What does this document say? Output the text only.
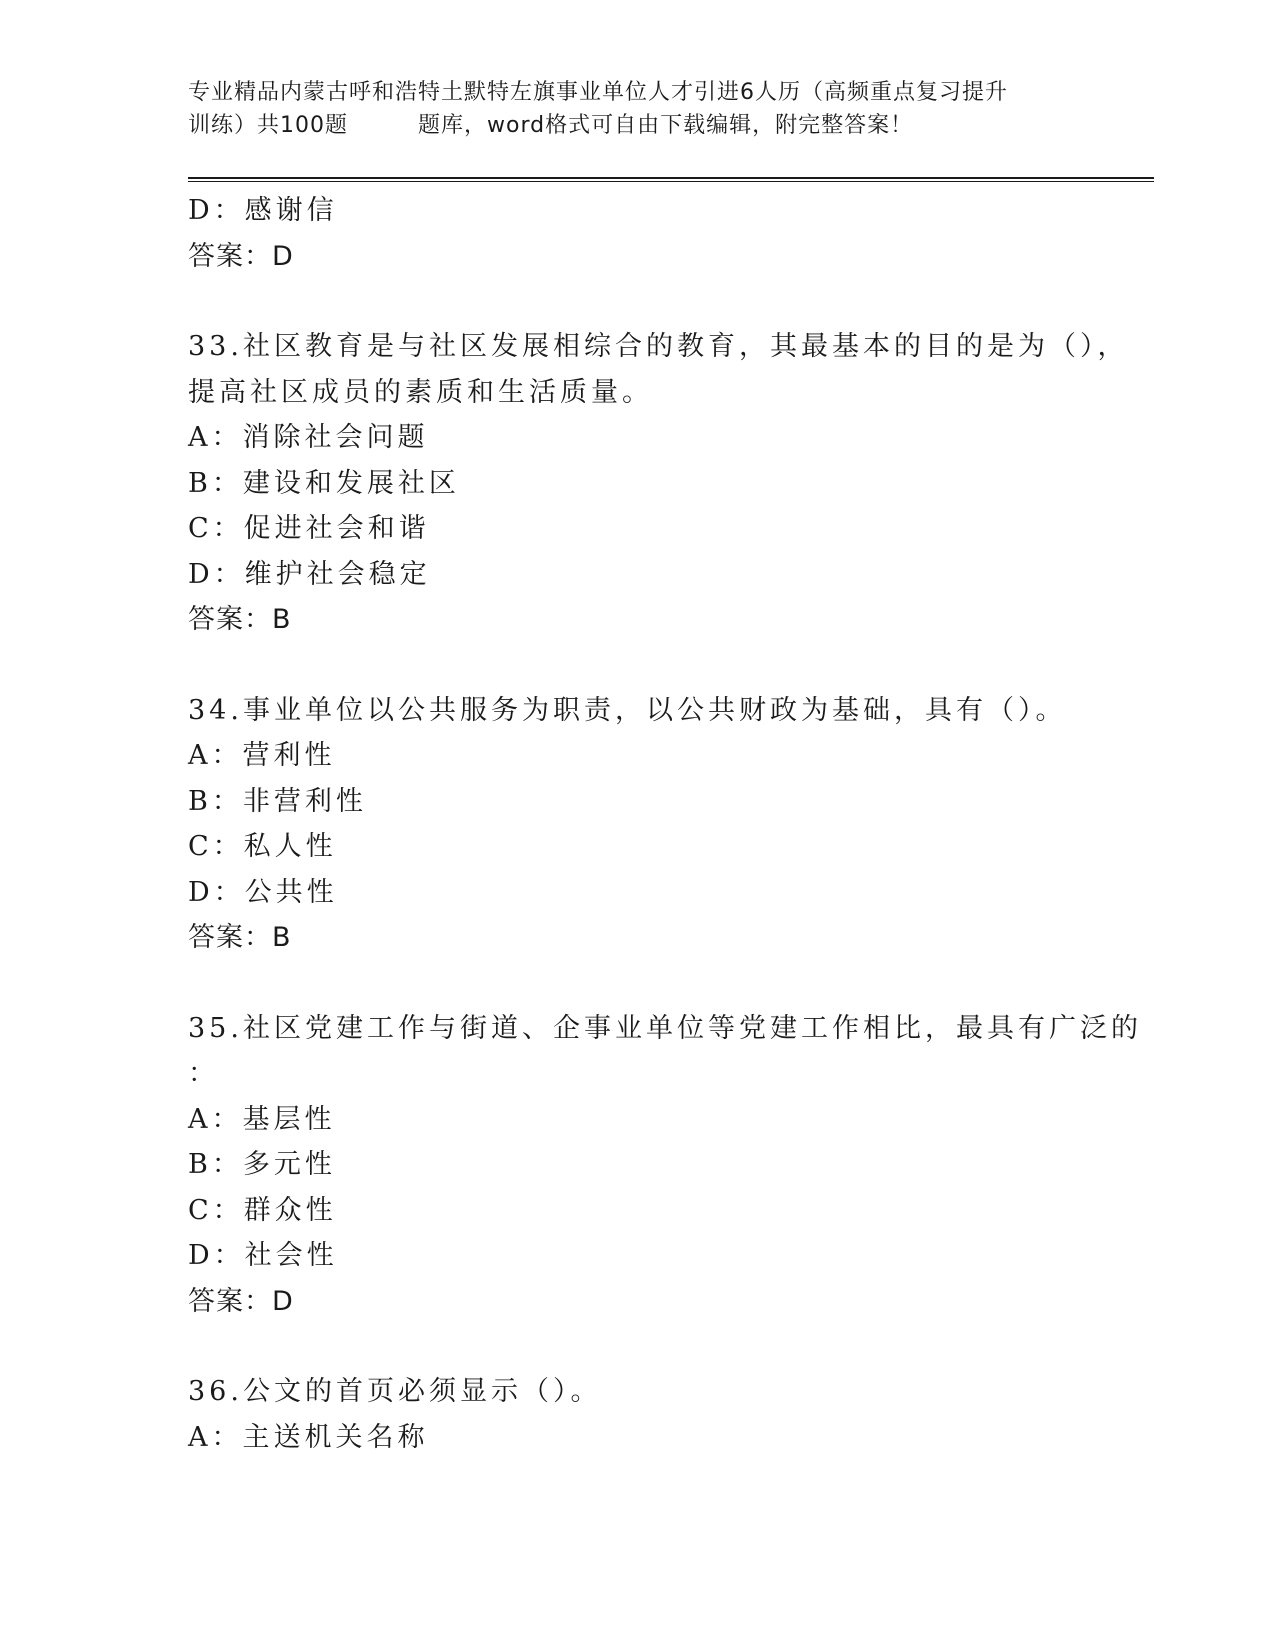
专业精品内蒙古呼和浩特土默特左旗事业单位人才引进6人历（高频重点复习提升
训练）共100题	题库，word格式可自由下载编辑，附完整答案！
D：感谢信
答案：D
33.社区教育是与社区发展相综合的教育，其最基本的目的是为（），
提高社区成员的素质和生活质量。
A：消除社会问题
B：建设和发展社区
C：促进社会和谐
D：维护社会稳定
答案：B
34.事业单位以公共服务为职责，以公共财政为基础，具有（）。
A：营利性
B：非营利性
C：私人性
D：公共性
答案：B
35.社区党建工作与街道、企事业单位等党建工作相比，最具有广泛的
：
A：基层性
B：多元性
C：群众性
D：社会性
答案：D
36.公文的首页必须显示（）。
A：主送机关名称
